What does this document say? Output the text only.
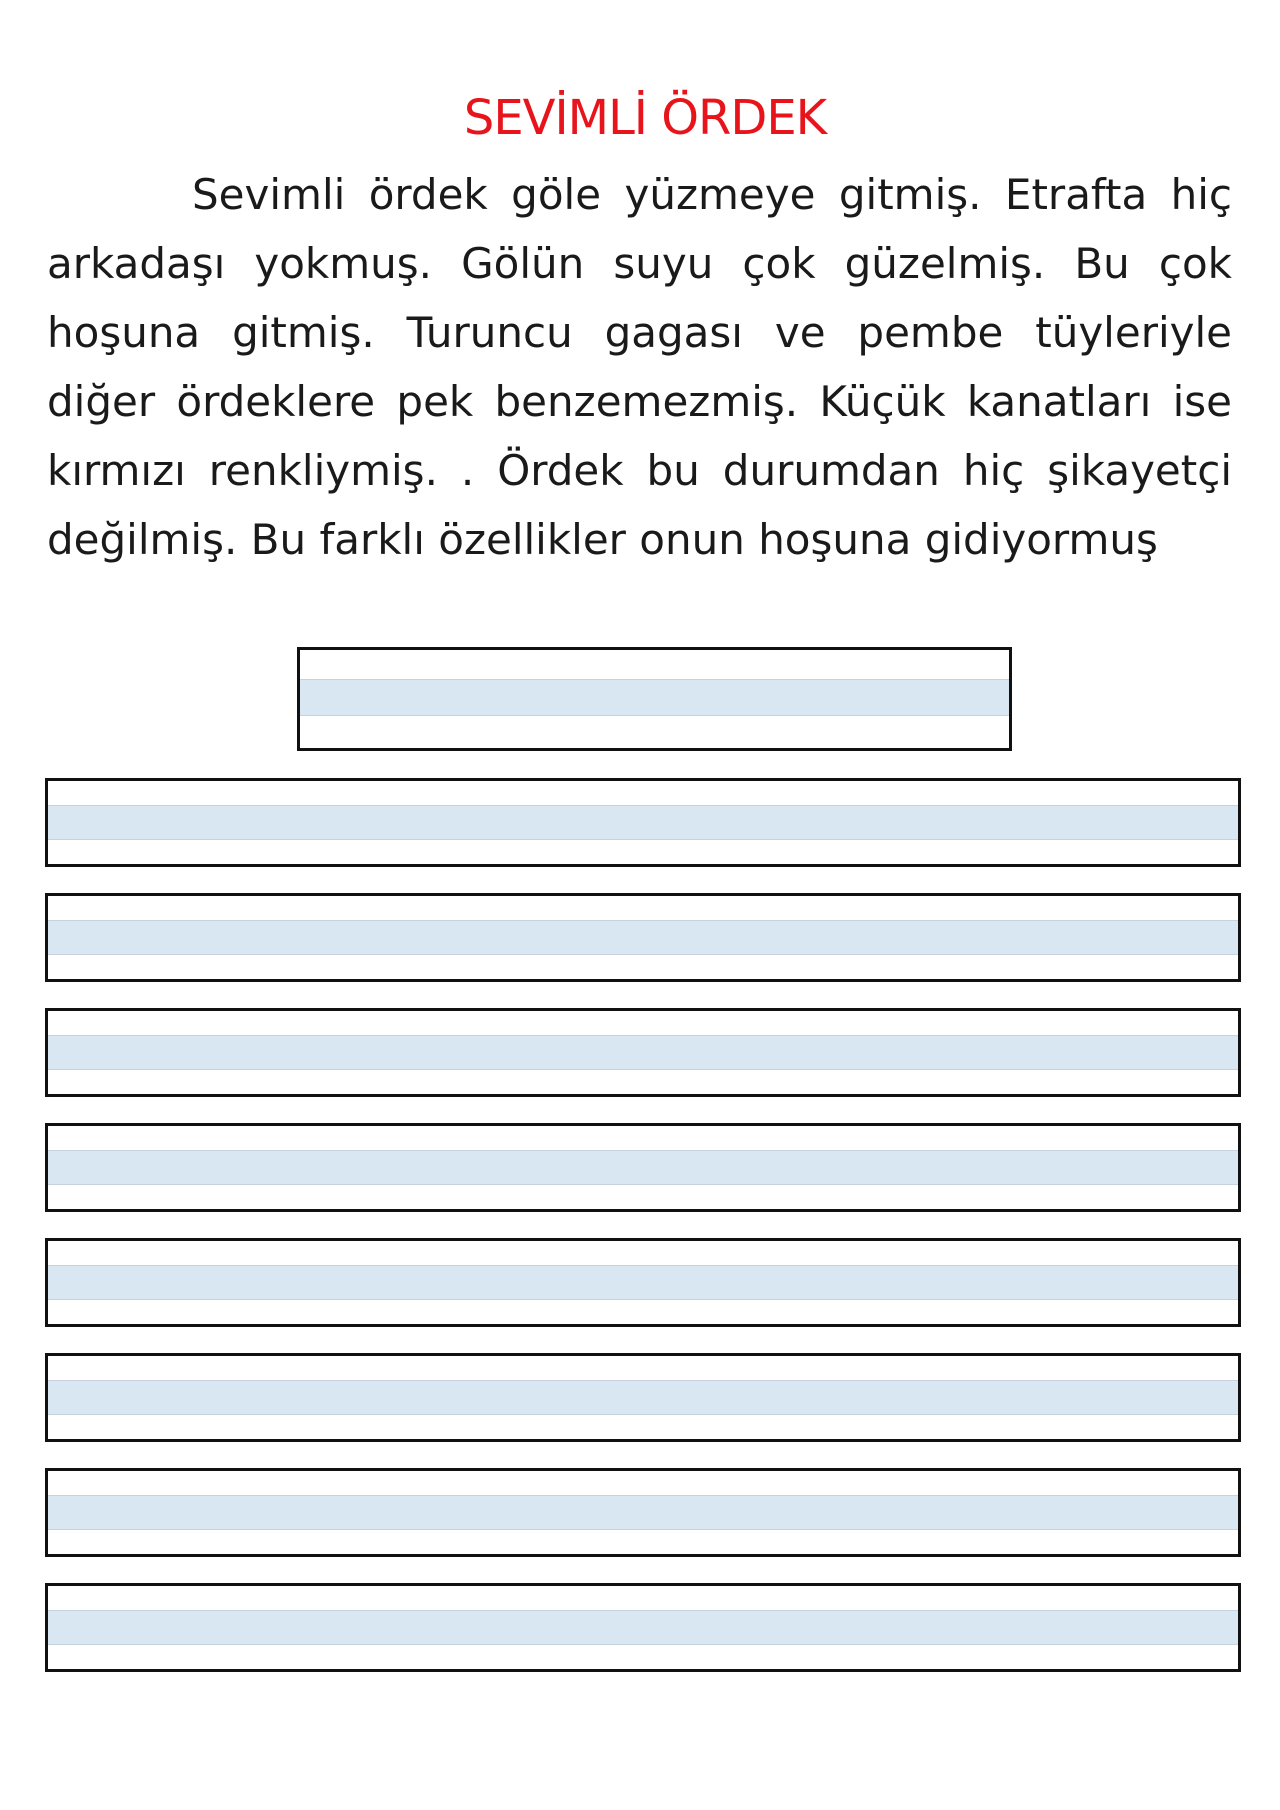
SEVİMLİ ÖRDEK
Sevimli ördek göle yüzmeye gitmiş. Etrafta hiç
arkadaşı yokmuş. Gölün suyu çok güzelmiş. Bu çok
hoşuna gitmiş. Turuncu gagası ve pembe tüyleriyle
diğer ördeklere pek benzemezmiş. Küçük kanatları ise
kırmızı renkliymiş. . Ördek bu durumdan hiç şikayetçi
değilmiş. Bu farklı özellikler onun hoşuna gidiyormuş
